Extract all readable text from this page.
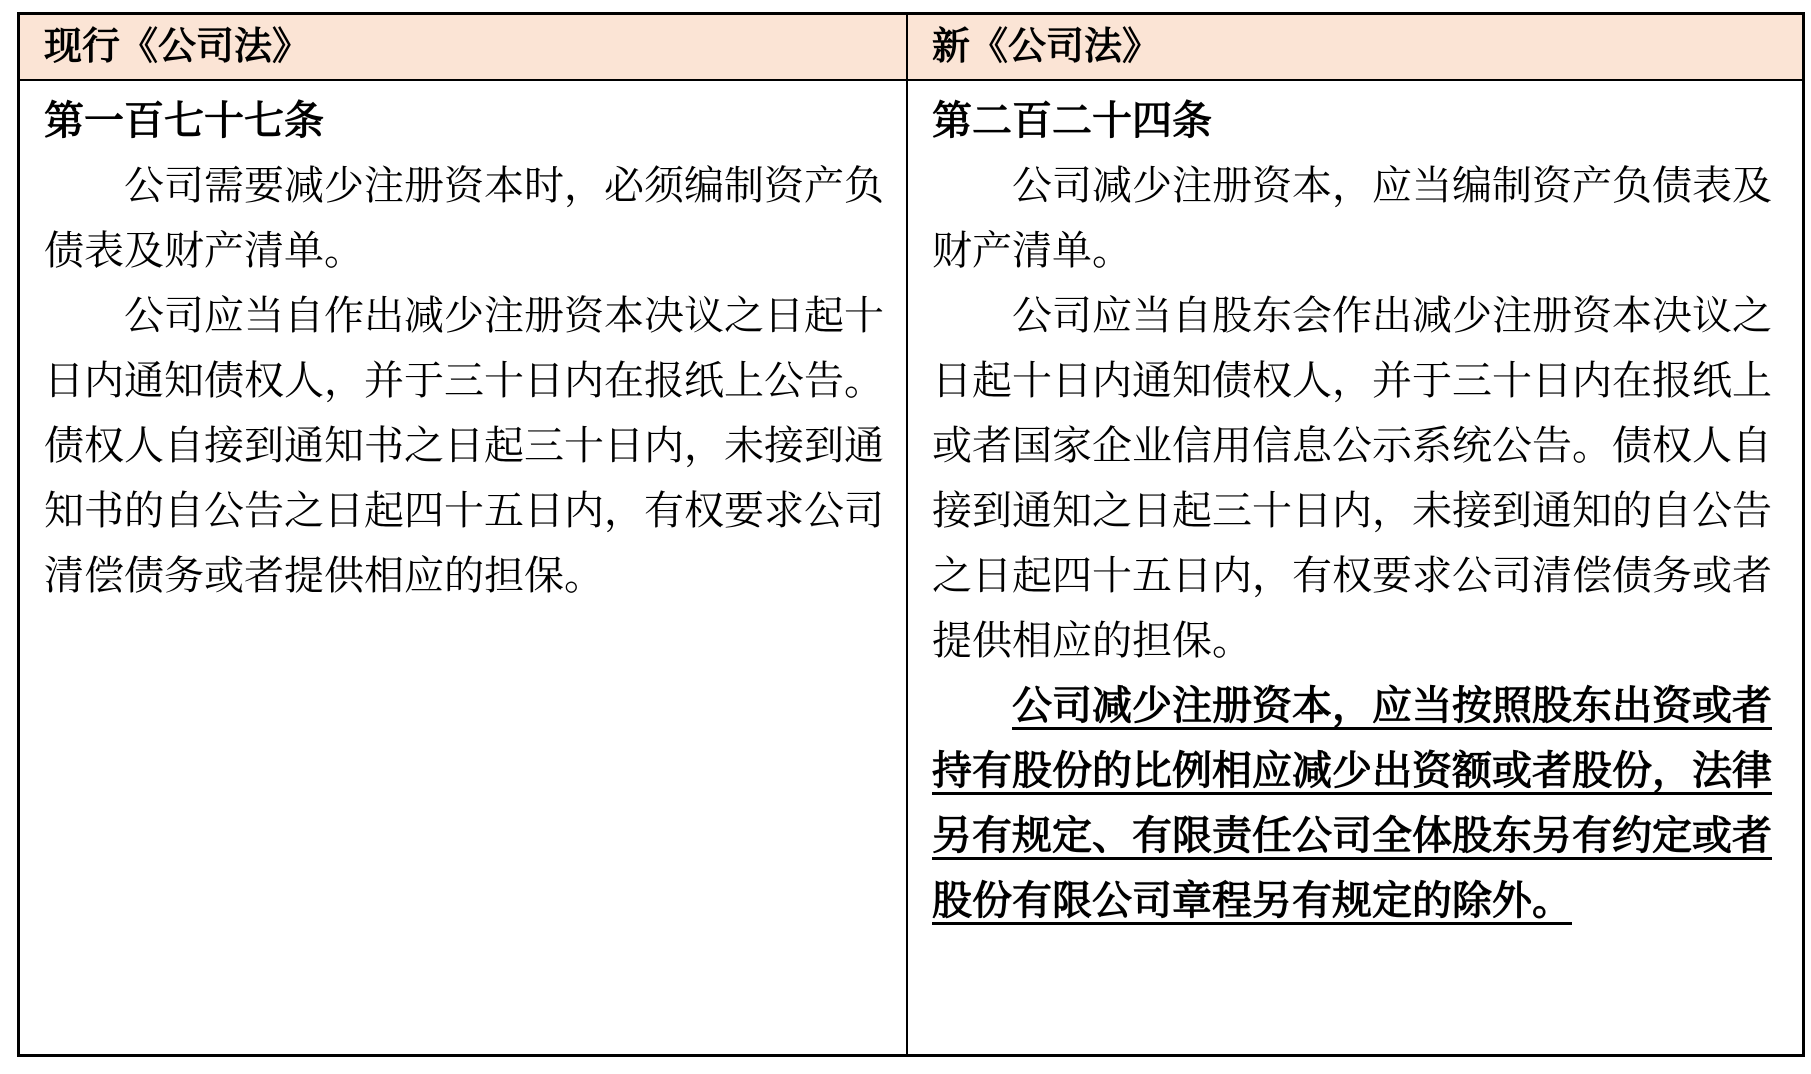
现行《公司法》	新《公司法》

第一百七十七条

公司需要减少注册资本时，必须编制资产负债表及财产清单。

公司应当自作出减少注册资本决议之日起十日内通知债权人，并于三十日内在报纸上公告。债权人自接到通知书之日起三十日内，未接到通知书的自公告之日起四十五日内，有权要求公司清偿债务或者提供相应的担保。

第二百二十四条

公司减少注册资本，应当编制资产负债表及财产清单。

公司应当自股东会作出减少注册资本决议之日起十日内通知债权人，并于三十日内在报纸上或者国家企业信用信息公示系统公告。债权人自接到通知之日起三十日内，未接到通知的自公告之日起四十五日内，有权要求公司清偿债务或者提供相应的担保。

公司减少注册资本，应当按照股东出资或者持有股份的比例相应减少出资额或者股份，法律另有规定、有限责任公司全体股东另有约定或者股份有限公司章程另有规定的除外。
